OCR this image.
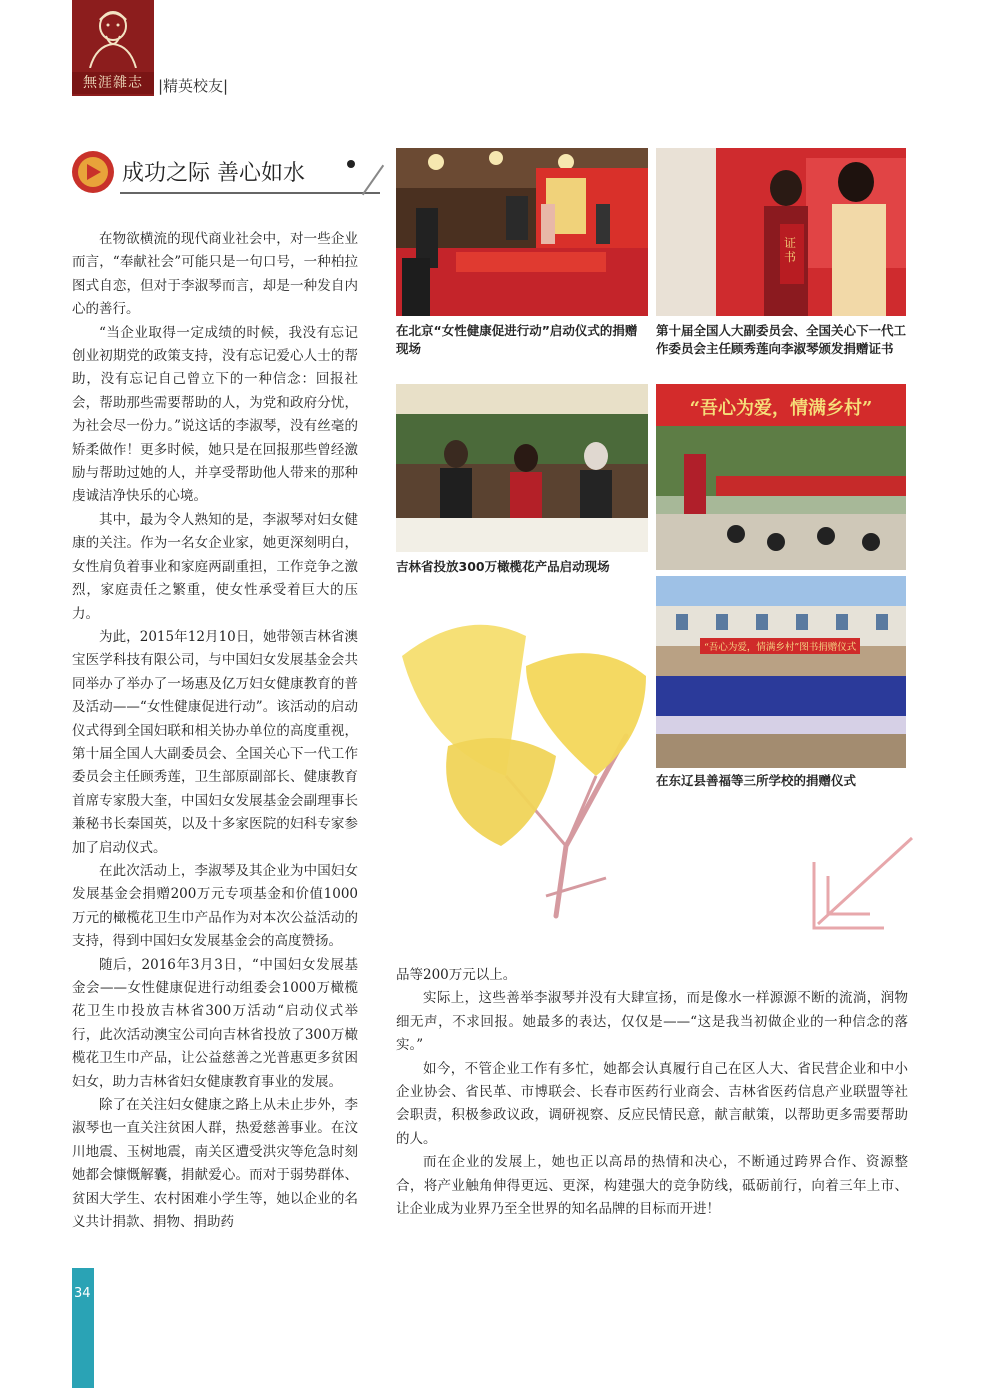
無涯雜志	|精英校友|
成功之际 善心如水

在物欲横流的现代商业社会中，对一些企业而言，“奉献社会”可能只是一句口号，一种柏拉图式自恋，但对于李淑琴而言，却是一种发自内心的善行。

“当企业取得一定成绩的时候，我没有忘记创业初期党的政策支持，没有忘记爱心人士的帮助，没有忘记自己曾立下的一种信念：回报社会，帮助那些需要帮助的人，为党和政府分忧，为社会尽一份力。”说这话的李淑琴，没有丝毫的矫柔做作！更多时候，她只是在回报那些曾经激励与帮助过她的人，并享受帮助他人带来的那种虔诚洁净快乐的心境。

其中，最为令人熟知的是，李淑琴对妇女健康的关注。作为一名女企业家，她更深刻明白，女性肩负着事业和家庭两副重担，工作竞争之激烈，家庭责任之繁重，使女性承受着巨大的压力。

为此，2015年12月10日，她带领吉林省澳宝医学科技有限公司，与中国妇女发展基金会共同举办了举办了一场惠及亿万妇女健康教育的普及活动——“女性健康促进行动”。该活动的启动仪式得到全国妇联和相关协办单位的高度重视，第十届全国人大副委员会、全国关心下一代工作委员会主任顾秀莲，卫生部原副部长、健康教育首席专家殷大奎，中国妇女发展基金会副理事长兼秘书长秦国英，以及十多家医院的妇科专家参加了启动仪式。

在此次活动上，李淑琴及其企业为中国妇女发展基金会捐赠200万元专项基金和价值1000万元的橄榄花卫生巾产品作为对本次公益活动的支持，得到中国妇女发展基金会的高度赞扬。

随后，2016年3月3日，“中国妇女发展基金会——女性健康促进行动组委会1000万橄榄花卫生巾投放吉林省300万活动“启动仪式举行，此次活动澳宝公司向吉林省投放了300万橄榄花卫生巾产品，让公益慈善之光普惠更多贫困妇女，助力吉林省妇女健康教育事业的发展。

除了在关注妇女健康之路上从未止步外，李淑琴也一直关注贫困人群，热爱慈善事业。在汶川地震、玉树地震，南关区遭受洪灾等危急时刻她都会慷慨解囊，捐献爱心。而对于弱势群体、贫困大学生、农村困难小学生等，她以企业的名义共计捐款、捐物、捐助药

在北京“女性健康促进行动”启动仪式的捐赠现场
证书
第十届全国人大副委员会、全国关心下一代工作委员会主任顾秀莲向李淑琴颁发捐赠证书
吉林省投放300万橄榄花产品启动现场
“吾心为爱，情满乡村”
“吾心为爱，情满乡村”图书捐赠仪式
在东辽县善福等三所学校的捐赠仪式

品等200万元以上。

实际上，这些善举李淑琴并没有大肆宣扬，而是像水一样源源不断的流淌，润物细无声，不求回报。她最多的表达，仅仅是——“这是我当初做企业的一种信念的落实。”

如今，不管企业工作有多忙，她都会认真履行自己在区人大、省民营企业和中小企业协会、省民革、市博联会、长春市医药行业商会、吉林省医药信息产业联盟等社会职责，积极参政议政，调研视察、反应民情民意，献言献策，以帮助更多需要帮助的人。

而在企业的发展上，她也正以高昂的热情和决心，不断通过跨界合作、资源整合，将产业触角伸得更远、更深，构建强大的竞争防线，砥砺前行，向着三年上市、让企业成为业界乃至全世界的知名品牌的目标而开进！

34
